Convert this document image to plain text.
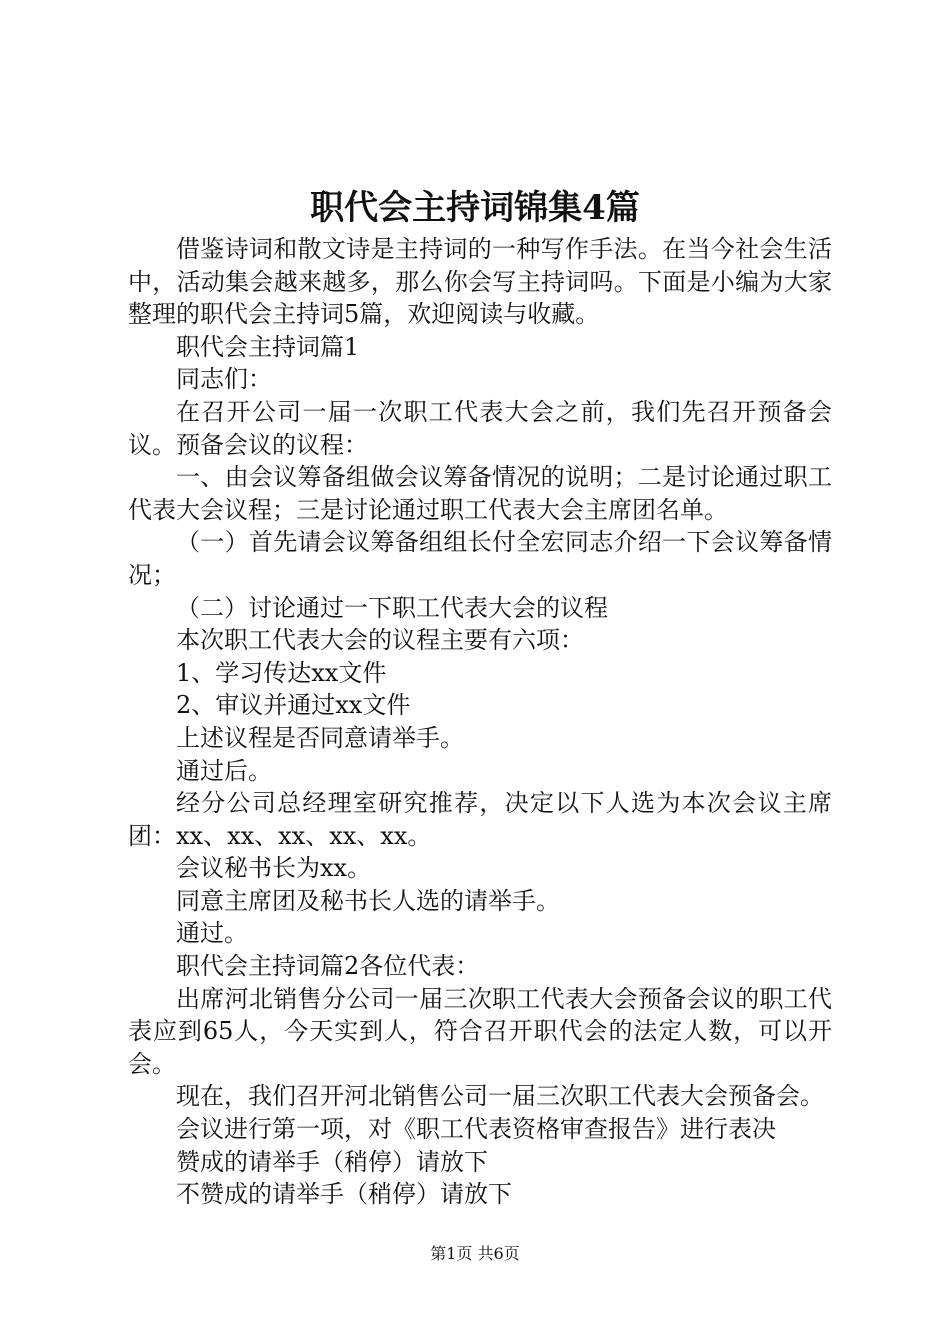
职代会主持词锦集4篇

借鉴诗词和散文诗是主持词的一种写作手法。在当今社会生活中，活动集会越来越多，那么你会写主持词吗。下面是小编为大家整理的职代会主持词5篇，欢迎阅读与收藏。

职代会主持词篇1

同志们：

在召开公司一届一次职工代表大会之前，我们先召开预备会议。预备会议的议程：

一、由会议筹备组做会议筹备情况的说明；二是讨论通过职工代表大会议程；三是讨论通过职工代表大会主席团名单。

（一）首先请会议筹备组组长付全宏同志介绍一下会议筹备情况；

（二）讨论通过一下职工代表大会的议程

本次职工代表大会的议程主要有六项：

1、学习传达xx文件

2、审议并通过xx文件

上述议程是否同意请举手。

通过后。

经分公司总经理室研究推荐，决定以下人选为本次会议主席团：xx、xx、xx、xx、xx。

会议秘书长为xx。

同意主席团及秘书长人选的请举手。

通过。

职代会主持词篇2各位代表：

出席河北销售分公司一届三次职工代表大会预备会议的职工代表应到65人，今天实到人，符合召开职代会的法定人数，可以开会。

现在，我们召开河北销售公司一届三次职工代表大会预备会。

会议进行第一项，对《职工代表资格审查报告》进行表决

赞成的请举手（稍停）请放下

不赞成的请举手（稍停）请放下

第1页 共6页
